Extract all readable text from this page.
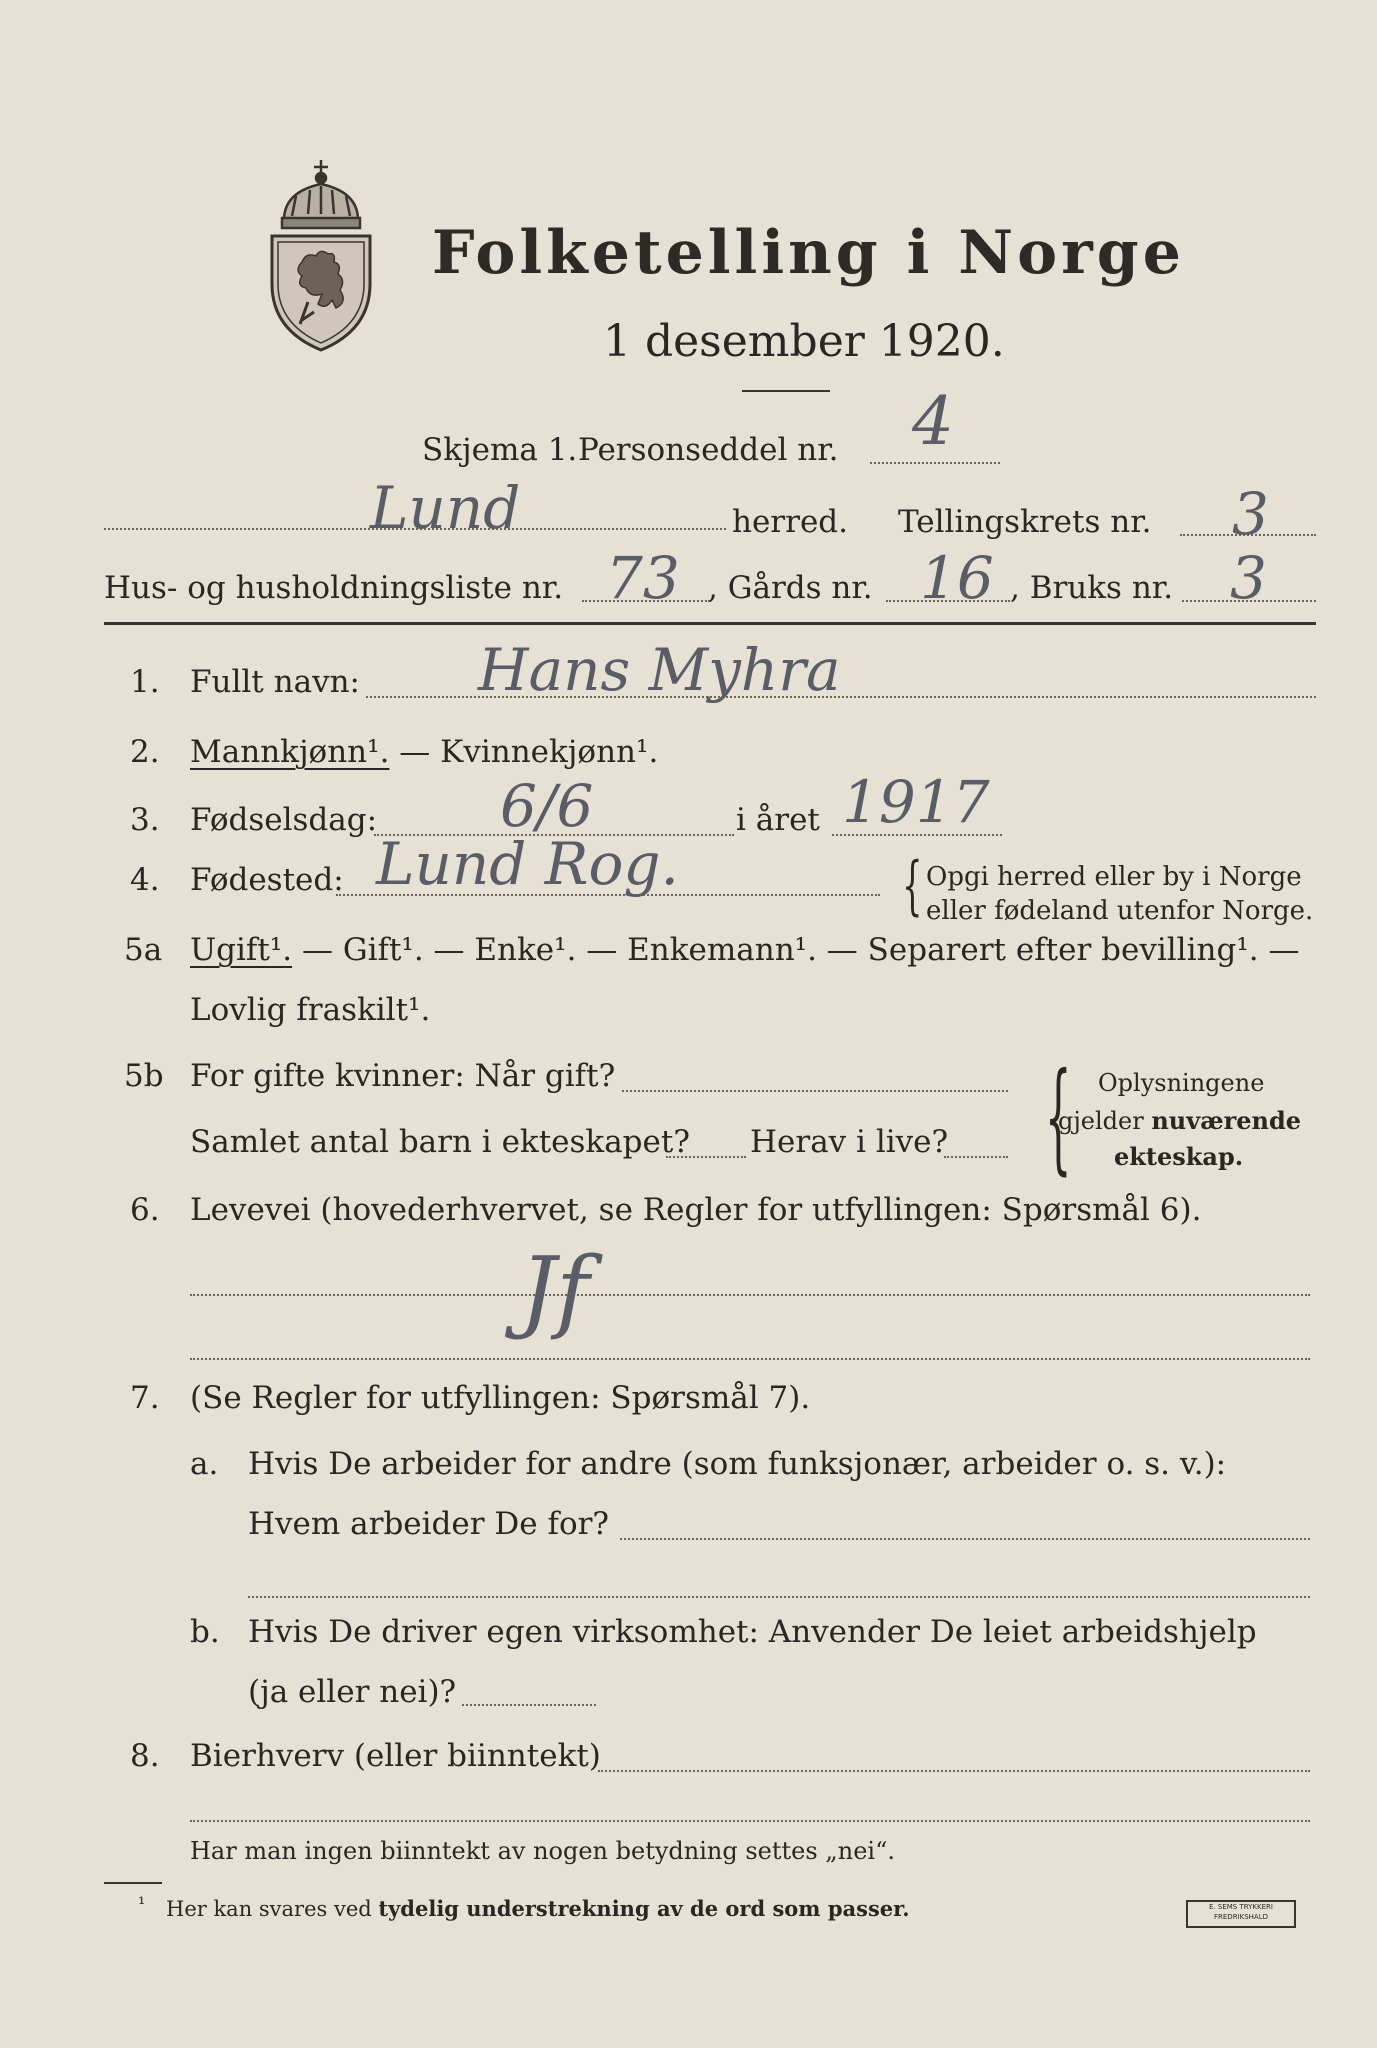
Folketelling i Norge
1 desember 1920.
Skjema 1. Personseddel nr. 4
Lund	herred. Tellingskrets nr. 3
Hus- og husholdningsliste nr. 73 , Gårds nr. 16 , Bruks nr. 3
1. Fullt navn: Hans Myhra
2. Mannkjønn¹. — Kvinnekjønn¹.
3. Fødselsdag: 6/6	i året 1917
4. Fødested: Lund Rog.	{ Opgi herred eller by i Norge
eller fødeland utenfor Norge.
5a Ugift¹. — Gift¹. — Enke¹. — Enkemann¹. — Separert efter bevilling¹. —
Lovlig fraskilt¹.
5b For gifte kvinner: Når gift?
Samlet antal barn i ekteskapet? Herav i live? { Oplysningene
gjelder nuværende
ekteskap.
6. Levevei (hovederhvervet, se Regler for utfyllingen: Spørsmål 6).
Jf
7. (Se Regler for utfyllingen: Spørsmål 7).
a. Hvis De arbeider for andre (som funksjonær, arbeider o. s. v.):
Hvem arbeider De for?
b. Hvis De driver egen virksomhet: Anvender De leiet arbeidshjelp
(ja eller nei)?
8. Bierhverv (eller biinntekt)
Har man ingen biinntekt av nogen betydning settes „nei“.
¹ Her kan svares ved tydelig understrekning av de ord som passer.	E. SEMS TRYKKERI
FREDRIKSHALD
